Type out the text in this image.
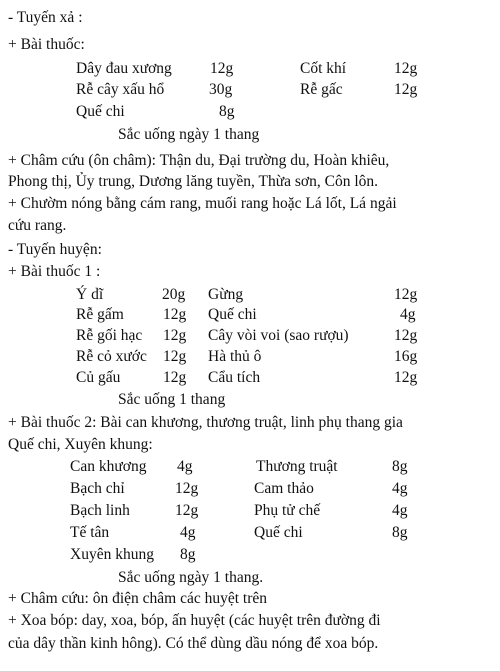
- Tuyến xả :
+ Bài thuốc:
Dây đau xương 12g	Cốt khí	12g
Rễ cây xấu hổ	30g	Rễ gấc	12g
Quế chi	8g
Sắc uống ngày 1 thang
+ Châm cứu (ôn châm): Thận du, Đại trường du, Hoàn khiêu,
Phong thị, Ủy trung, Dương lăng tuyền, Thừa sơn, Côn lôn.
+ Chườm nóng bằng cám rang, muối rang hoặc Lá lốt, Lá ngải
cứu rang.
- Tuyến huyện:
+ Bài thuốc 1 :
Ý dĩ	20g Gừng	12g
Rễ gấm	12g Quế chi	4g
Rễ gối hạc 12g Cây vòi voi (sao rượu)	12g
Rễ cỏ xước 12g Hà thủ ô	16g
Củ gấu	12g Cẩu tích	12g
Sắc uống 1 thang
+ Bài thuốc 2: Bài can khương, thương truật, linh phụ thang gia
Quế chi, Xuyên khung:
Can khương 4g	Thương truật	8g
Bạch chỉ	12g	Cam thảo	4g
Bạch linh	12g	Phụ tử chế	4g
Tế tân	4g	Quế chi	8g
Xuyên khung 8g
Sắc uống ngày 1 thang.
+ Châm cứu: ôn điện châm các huyệt trên
+ Xoa bóp: day, xoa, bóp, ấn huyệt (các huyệt trên đường đi
của dây thần kinh hông). Có thể dùng dầu nóng để xoa bóp.
